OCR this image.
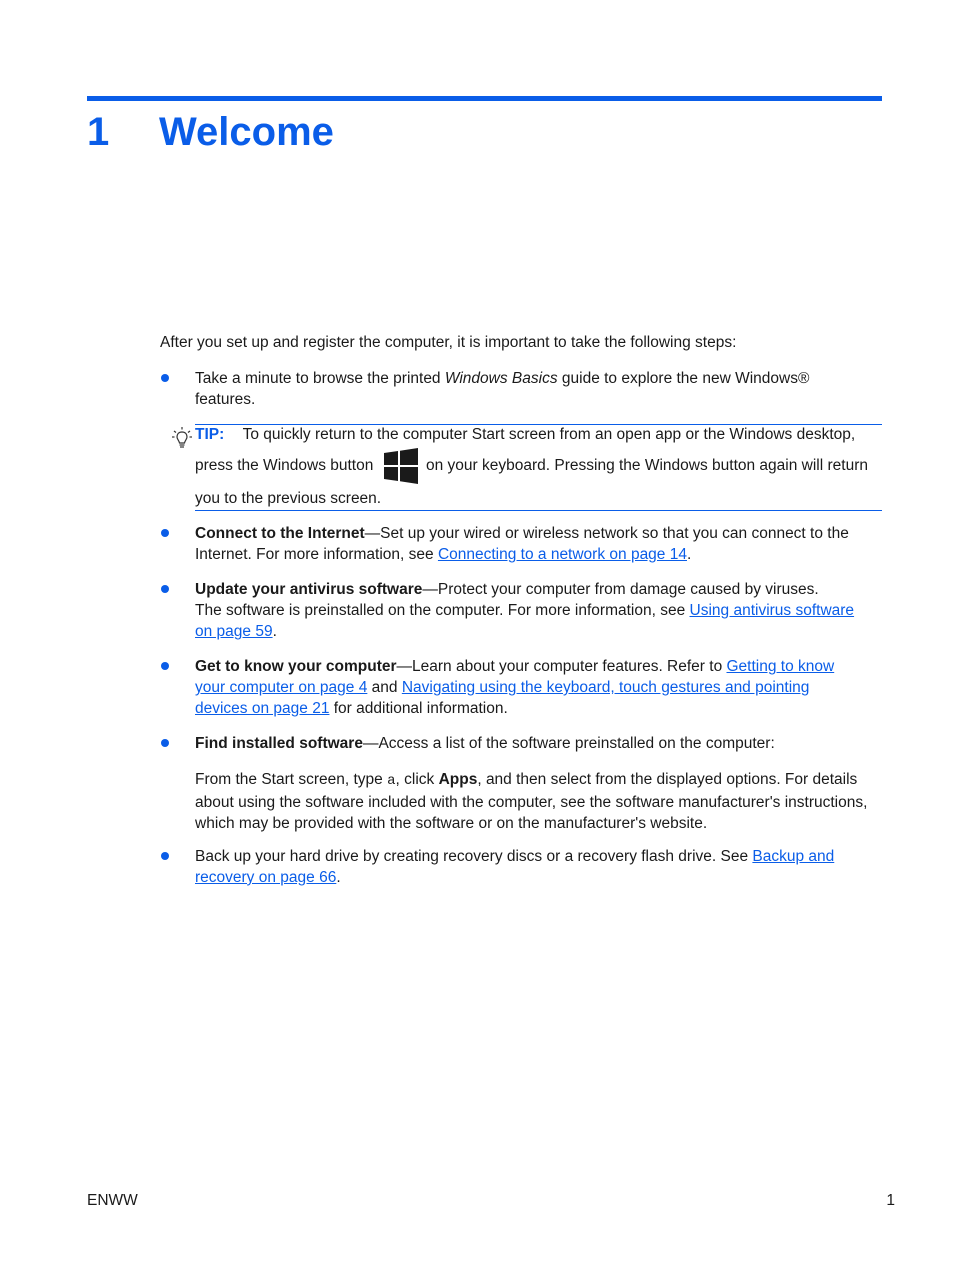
1 Welcome
After you set up and register the computer, it is important to take the following steps:
Take a minute to browse the printed Windows Basics guide to explore the new Windows®
features.
TIP: To quickly return to the computer Start screen from an open app or the Windows desktop,
press the Windows button	on your keyboard. Pressing the Windows button again will return
you to the previous screen.
Connect to the Internet—Set up your wired or wireless network so that you can connect to the
Internet. For more information, see Connecting to a network on page 14.
Update your antivirus software—Protect your computer from damage caused by viruses.
The software is preinstalled on the computer. For more information, see Using antivirus software
on page 59.
Get to know your computer—Learn about your computer features. Refer to Getting to know
your computer on page 4 and Navigating using the keyboard, touch gestures and pointing
devices on page 21 for additional information.
Find installed software—Access a list of the software preinstalled on the computer:
From the Start screen, type a, click Apps, and then select from the displayed options. For details
about using the software included with the computer, see the software manufacturer's instructions,
which may be provided with the software or on the manufacturer's website.
Back up your hard drive by creating recovery discs or a recovery flash drive. See Backup and
recovery on page 66.
ENWW	1
